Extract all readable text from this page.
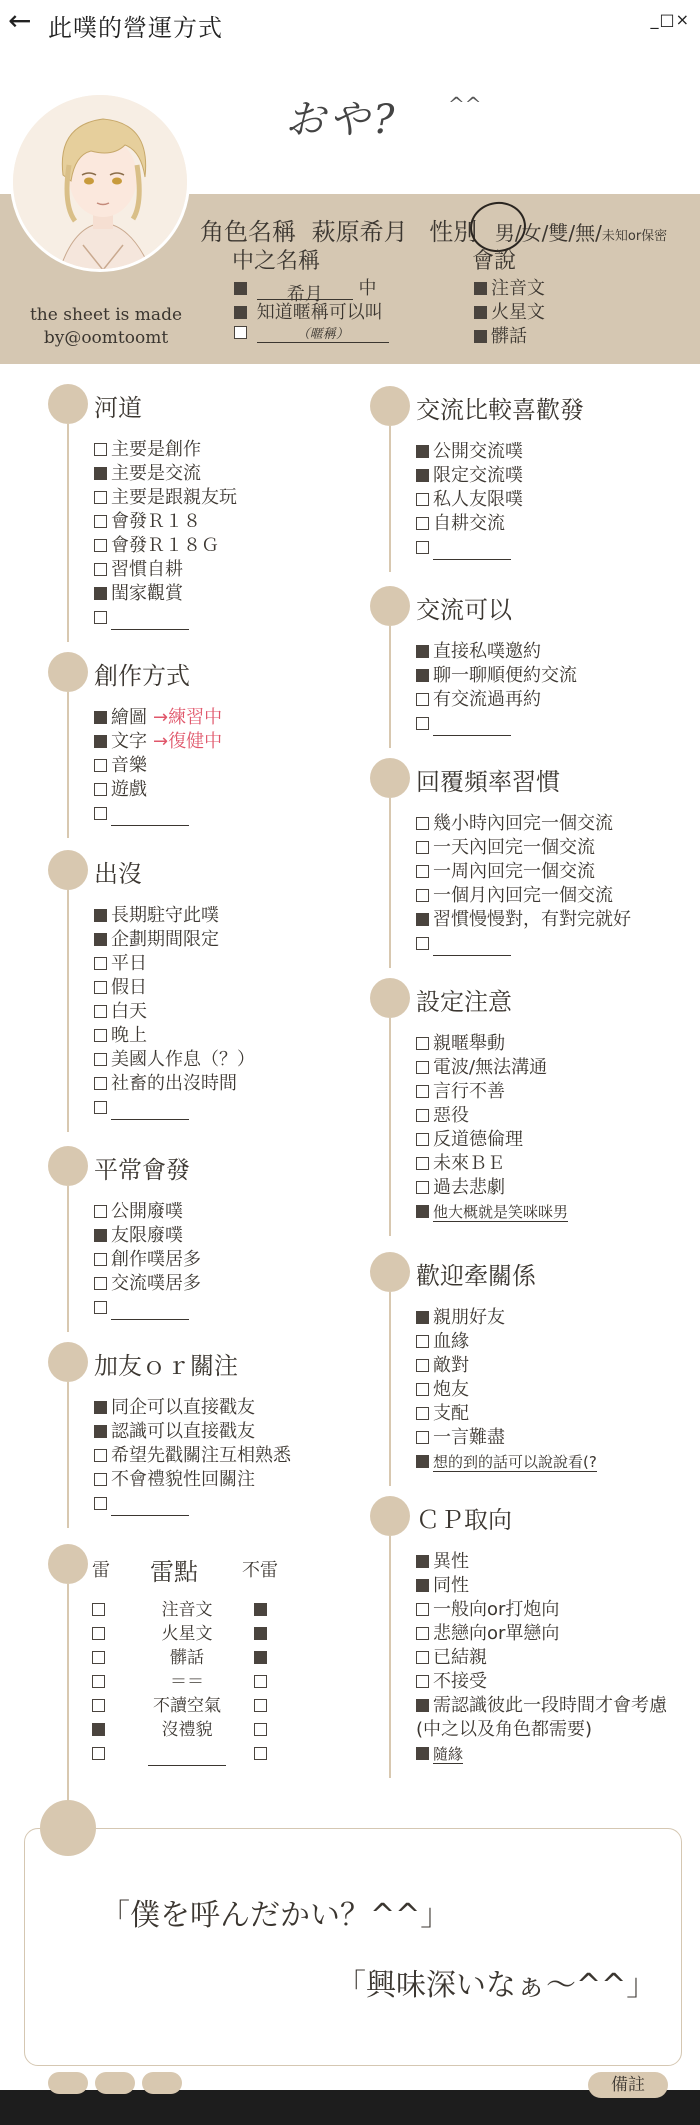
← 此噗的營運方式	_□×
おや? ^^
the sheet is made by@oomtoomt
角色名稱 萩原希月 性別 男/女/雙/無/未知or保密
中之名稱
希月 中
知道暱稱可以叫
（暱稱）
會說
注音文
火星文
髒話
河道
主要是創作
主要是交流
主要是跟親友玩
會發Ｒ１８
會發Ｒ１８Ｇ
習慣自耕
閨家觀賞
創作方式
繪圖 →練習中
文字 →復健中
音樂
遊戲
出沒
長期駐守此噗
企劃期間限定
平日
假日
白天
晚上
美國人作息（？）
社畜的出沒時間
平常會發
公開廢噗
友限廢噗
創作噗居多
交流噗居多
加友ｏｒ關注
同企可以直接戳友
認識可以直接戳友
希望先戳關注互相熟悉
不會禮貌性回關注
交流比較喜歡發
公開交流噗
限定交流噗
私人友限噗
自耕交流
交流可以
直接私噗邀約
聊一聊順便約交流
有交流過再約
回覆頻率習慣
幾小時內回完一個交流
一天內回完一個交流
一周內回完一個交流
一個月內回完一個交流
習慣慢慢對，有對完就好
設定注意
親暱舉動
電波/無法溝通
言行不善
惡役
反道德倫理
未來ＢＥ
過去悲劇
他大概就是笑咪咪男
歡迎牽關係
親朋好友
血緣
敵對
炮友
支配
一言難盡
想的到的話可以說說看(?
ＣＰ取向
異性
同性
一般向or打炮向
悲戀向or單戀向
已結親
不接受
需認識彼此一段時間才會考慮
(中之以及角色都需要)
隨緣
雷 雷點 不雷
注音文
火星文
髒話
＝＝
不讀空氣
沒禮貌
「僕を呼んだかい？^^」
「興味深いなぁ～^^」
備註
